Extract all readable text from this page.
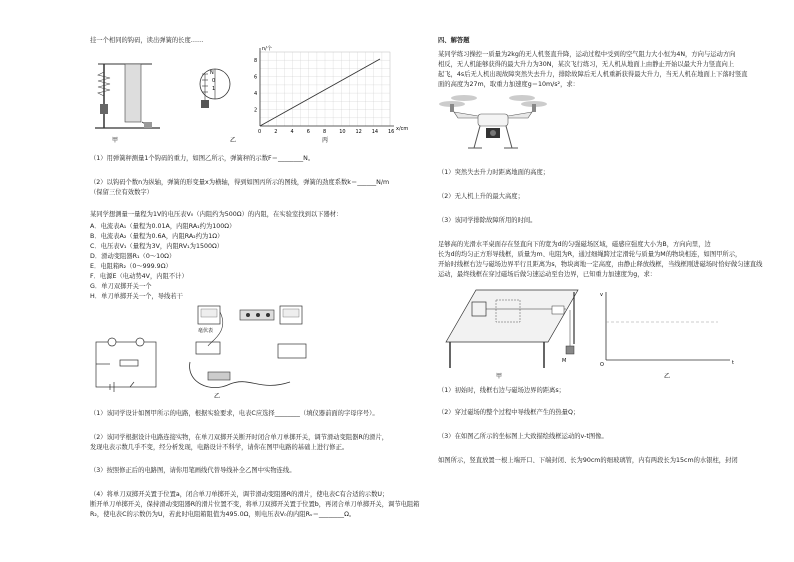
挂一个相同的钩码，读出弹簧的长度……
甲
N
0
1
乙
0	2	4	6	8	10 12 14 16
2
4
6
8
x/cm
n/个
丙
（1）用弹簧秤测量1个钩码的重力，如图乙所示，弹簧秤的示数F＝________N。
（2）以钩码个数n为纵轴，弹簧的形变量x为横轴，得到如图丙所示的图线，弹簧的劲度系数k＝______N/m
（保留三位有效数字）
某同学想测量一量程为1V的电压表V₀（内阻约为500Ω）的内阻，在实验室找到以下器材：
A．电流表A₁（量程为0.01A，内阻RA₁约为100Ω）
B．电流表A₂（量程为0.6A，内阻RA₂约为1Ω）
C．电压表V₁（量程为3V，内阻RV₁为1500Ω）
D．滑动变阻器R₁（0～10Ω）
E．电阻箱R₂（0～999.9Ω）
F．电源E（电动势4V，内阻不计）
G．单刀双掷开关一个
H．单刀单掷开关一个，导线若干
毫伏表
乙
（1）该同学设计如图甲所示的电路，根据实验要求，电表C应选择________（填仪器前面的字母序号）。
（2）该同学根据设计电路连接实物，在单刀双掷开关断开时闭合单刀单掷开关，调节滑动变阻器R的滑片，
发现电表示数几乎不变，经分析发现，电路设计不科学，请你在图甲电路的基础上进行修正。
（3）按照修正后的电路图，请你用笔画线代替导线补全乙图中实物连线。
（4）将单刀双掷开关置于位置a，闭合单刀单掷开关，调节滑动变阻器R的滑片，使电表C有合适的示数U；
断开单刀单掷开关，保持滑动变阻器R的滑片位置不变，将单刀双掷开关置于位置b，再闭合单刀单掷开关，调节电阻箱
R₂，使电表C的示数仍为U，若此时电阻箱阻值为495.0Ω，则电压表V₀的内阻Rᵥ＝________Ω。
四、解答题
某同学练习操控一质量为2kg的无人机竖直升降，运动过程中受到的空气阻力大小恒为4N，方向与运动方向
相反，无人机能够获得的最大升力为30N，某次飞行练习，无人机从地面上由静止开始以最大升力竖直向上
起飞，4s后无人机出现故障突然失去升力，排除故障后无人机重新获得最大升力，当无人机在地面上下落时竖直
面的高度为27m，取重力加速度g＝10m/s²，求：
（1）突然失去升力时距离地面的高度；
（2）无人机上升的最大高度；
（3）该同学排除故障所用的时间。
足够高的光滑水平桌面存在竖直向下的宽为d的匀强磁场区域，磁感应强度大小为B，方向向里，边
长为d的均匀正方形导线框，质量为m、电阻为R，通过细绳跨过定滑轮与质量为M的物块相连，如图甲所示，
开始时线框右边与磁场边界平行且距离为s，物块离地一定高度，由静止释放线框，当线框刚进磁场时恰好做匀速直线
运动，最终线框在穿过磁场后做匀速运动至台边界，已知重力加速度为g，求：
M
甲
v
t
O
乙
（1）初始时，线框右边与磁场边界的距离s；
（2）穿过磁场的整个过程中导线框产生的热量Q；
（3）在如图乙所示的坐标图上大致描绘线框运动的v-t图像。
如图所示，竖直放置一根上端开口、下端封闭、长为90cm的细玻璃管，内有两段长为15cm的水银柱，封闭
